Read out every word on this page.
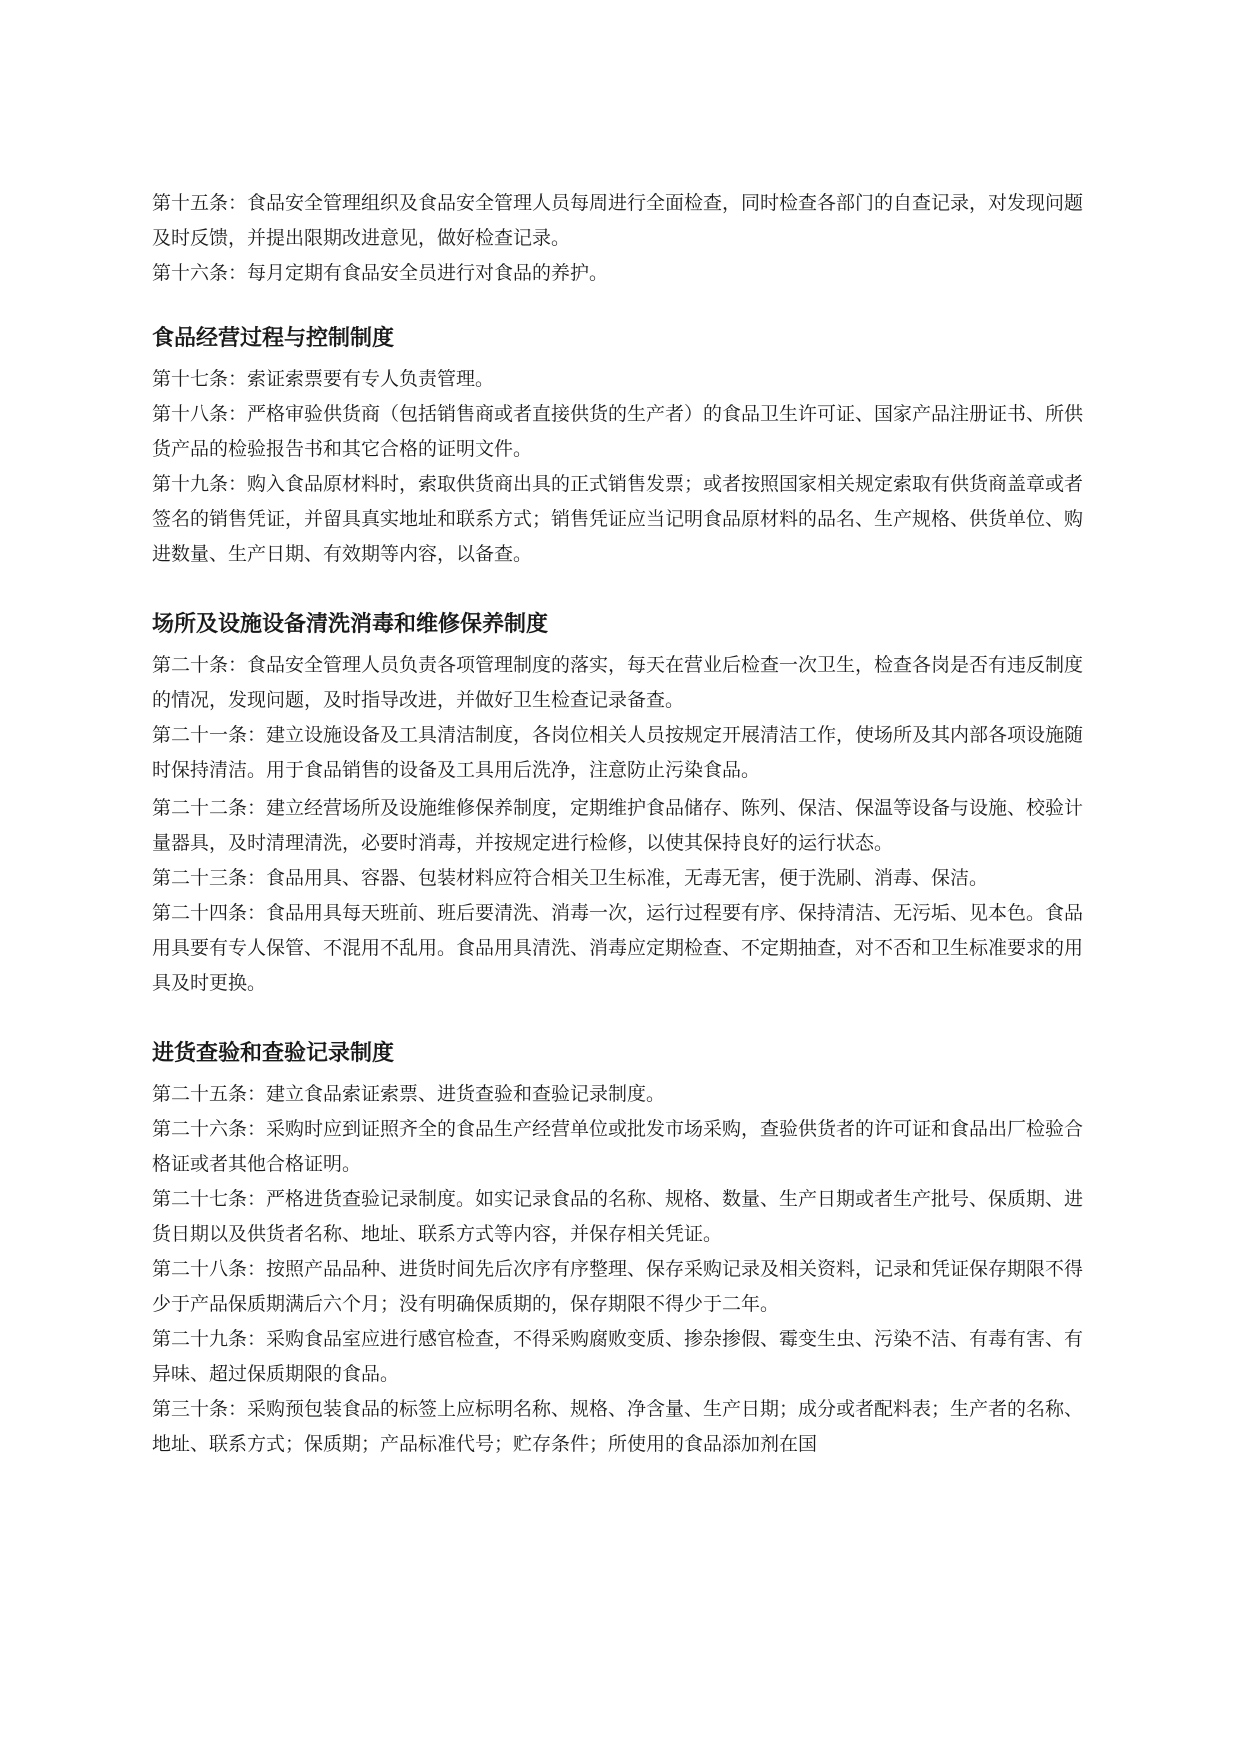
第十五条：食品安全管理组织及食品安全管理人员每周进行全面检查，同时检查各部门的自查记录，对发现问题及时反馈，并提出限期改进意见，做好检查记录。

第十六条：每月定期有食品安全员进行对食品的养护。

食品经营过程与控制制度

第十七条：索证索票要有专人负责管理。

第十八条：严格审验供货商（包括销售商或者直接供货的生产者）的食品卫生许可证、国家产品注册证书、所供货产品的检验报告书和其它合格的证明文件。

第十九条：购入食品原材料时，索取供货商出具的正式销售发票；或者按照国家相关规定索取有供货商盖章或者签名的销售凭证，并留具真实地址和联系方式；销售凭证应当记明食品原材料的品名、生产规格、供货单位、购进数量、生产日期、有效期等内容，以备查。

场所及设施设备清洗消毒和维修保养制度

第二十条：食品安全管理人员负责各项管理制度的落实，每天在营业后检查一次卫生，检查各岗是否有违反制度的情况，发现问题，及时指导改进，并做好卫生检查记录备查。

第二十一条：建立设施设备及工具清洁制度，各岗位相关人员按规定开展清洁工作，使场所及其内部各项设施随时保持清洁。用于食品销售的设备及工具用后洗净，注意防止污染食品。

第二十二条：建立经营场所及设施维修保养制度，定期维护食品储存、陈列、保洁、保温等设备与设施、校验计量器具，及时清理清洗，必要时消毒，并按规定进行检修，以使其保持良好的运行状态。

第二十三条：食品用具、容器、包装材料应符合相关卫生标准，无毒无害，便于洗刷、消毒、保洁。

第二十四条：食品用具每天班前、班后要清洗、消毒一次，运行过程要有序、保持清洁、无污垢、见本色。食品用具要有专人保管、不混用不乱用。食品用具清洗、消毒应定期检查、不定期抽查，对不否和卫生标准要求的用具及时更换。

进货查验和查验记录制度

第二十五条：建立食品索证索票、进货查验和查验记录制度。

第二十六条：采购时应到证照齐全的食品生产经营单位或批发市场采购，查验供货者的许可证和食品出厂检验合格证或者其他合格证明。

第二十七条：严格进货查验记录制度。如实记录食品的名称、规格、数量、生产日期或者生产批号、保质期、进货日期以及供货者名称、地址、联系方式等内容，并保存相关凭证。

第二十八条：按照产品品种、进货时间先后次序有序整理、保存采购记录及相关资料，记录和凭证保存期限不得少于产品保质期满后六个月；没有明确保质期的，保存期限不得少于二年。

第二十九条：采购食品室应进行感官检查，不得采购腐败变质、掺杂掺假、霉变生虫、污染不洁、有毒有害、有异味、超过保质期限的食品。

第三十条：采购预包装食品的标签上应标明名称、规格、净含量、生产日期；成分或者配料表；生产者的名称、地址、联系方式；保质期；产品标准代号；贮存条件；所使用的食品添加剂在国
